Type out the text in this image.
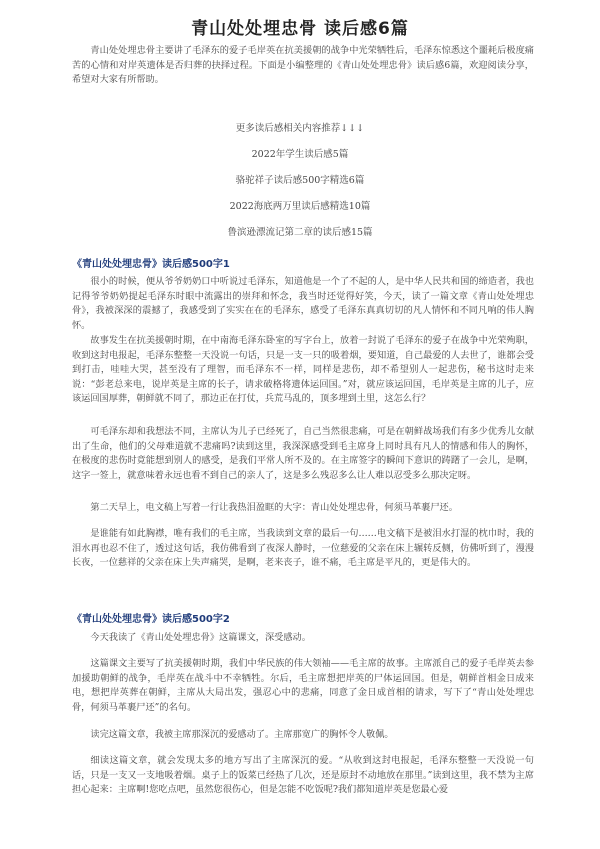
青山处处埋忠骨 读后感6篇

青山处处埋忠骨主要讲了毛泽东的爱子毛岸英在抗美援朝的战争中光荣牺牲后，毛泽东惊悉这个噩耗后极度痛苦的心情和对岸英遗体是否归葬的抉择过程。下面是小编整理的《青山处处埋忠骨》读后感6篇，欢迎阅读分享，希望对大家有所帮助。

更多读后感相关内容推荐↓↓↓
2022年学生读后感5篇
骆驼祥子读后感500字精选6篇
2022海底两万里读后感精选10篇
鲁滨逊漂流记第二章的读后感15篇
《青山处处埋忠骨》读后感500字1

很小的时候，便从爷爷奶奶口中听说过毛泽东，知道他是一个了不起的人，是中华人民共和国的缔造者，我也记得爷爷奶奶提起毛泽东时眼中流露出的崇拜和怀念，我当时还觉得好笑，今天，读了一篇文章《青山处处埋忠骨》，我被深深的震撼了，我感受到了实实在在的毛泽东，感受了毛泽东真真切切的凡人情怀和不同凡响的伟人胸怀。

故事发生在抗美援朝时期，在中南海毛泽东卧室的写字台上，放着一封说了毛泽东的爱子在战争中光荣殉职，收到这封电报起，毛泽东整整一天没说一句话，只是一支一只的吸着烟，要知道，自己最爱的人去世了，谁都会受到打击，哇哇大哭，甚至没有了理智，而毛泽东不一样，同样是悲伤，却不希望别人一起悲伤，秘书这时走来说：“彭老总来电，说岸英是主席的长子，请求破格将遗体运回国。”对，就应该运回国，毛岸英是主席的儿子，应该运回国厚葬，朝鲜就不同了，那边正在打仗，兵荒马乱的，顶多埋到土里，这怎么行？

可毛泽东却和我想法不同，主席认为儿子已经死了，自己当然很悲痛，可是在朝鲜战场我们有多少优秀儿女献出了生命，他们的父母难道就不悲痛吗?读到这里，我深深感受到毛主席身上同时具有凡人的情感和伟人的胸怀，在极度的悲伤时竟能想到别人的感受，是我们平常人所不及的。在主席签字的瞬间下意识的踌躇了一会儿，是啊，这字一签上，就意味着永远也看不到自己的亲人了，这是多么残忍多么让人难以忍受多么那决定呀。

第二天早上，电文稿上写着一行让我热泪盈眶的大字：青山处处埋忠骨，何须马革裹尸还。

是谁能有如此胸襟，唯有我们的毛主席，当我读到文章的最后一句……电文稿下是被泪水打湿的枕巾时，我的泪水再也忍不住了，透过这句话，我仿佛看到了夜深人静时，一位慈爱的父亲在床上辗转反侧，仿佛听到了，漫漫长夜，一位慈祥的父亲在床上失声痛哭，是啊，老来丧子，谁不痛，毛主席是平凡的，更是伟大的。

《青山处处埋忠骨》读后感500字2

今天我读了《青山处处埋忠骨》这篇课文，深受感动。

这篇课文主要写了抗美援朝时期，我们中华民族的伟大领袖——毛主席的故事。主席派自己的爱子毛岸英去参加援助朝鲜的战争，毛岸英在战斗中不幸牺牲。尔后，毛主席想把岸英的尸体运回国。但是，朝鲜首相金日成来电，想把岸英葬在朝鲜，主席从大局出发，强忍心中的悲痛，同意了金日成首相的请求，写下了“青山处处埋忠骨，何须马革裹尸还”的名句。

读完这篇文章，我被主席那深沉的爱感动了。主席那宽广的胸怀令人敬佩。

细读这篇文章，就会发现太多的地方写出了主席深沉的爱。“从收到这封电报起，毛泽东整整一天没说一句话，只是一支又一支地吸着烟。桌子上的饭菜已经热了几次，还是原封不动地放在那里。”读到这里，我不禁为主席担心起来：主席啊!您吃点吧，虽然您很伤心，但是怎能不吃饭呢?我们都知道岸英是您最心爱
